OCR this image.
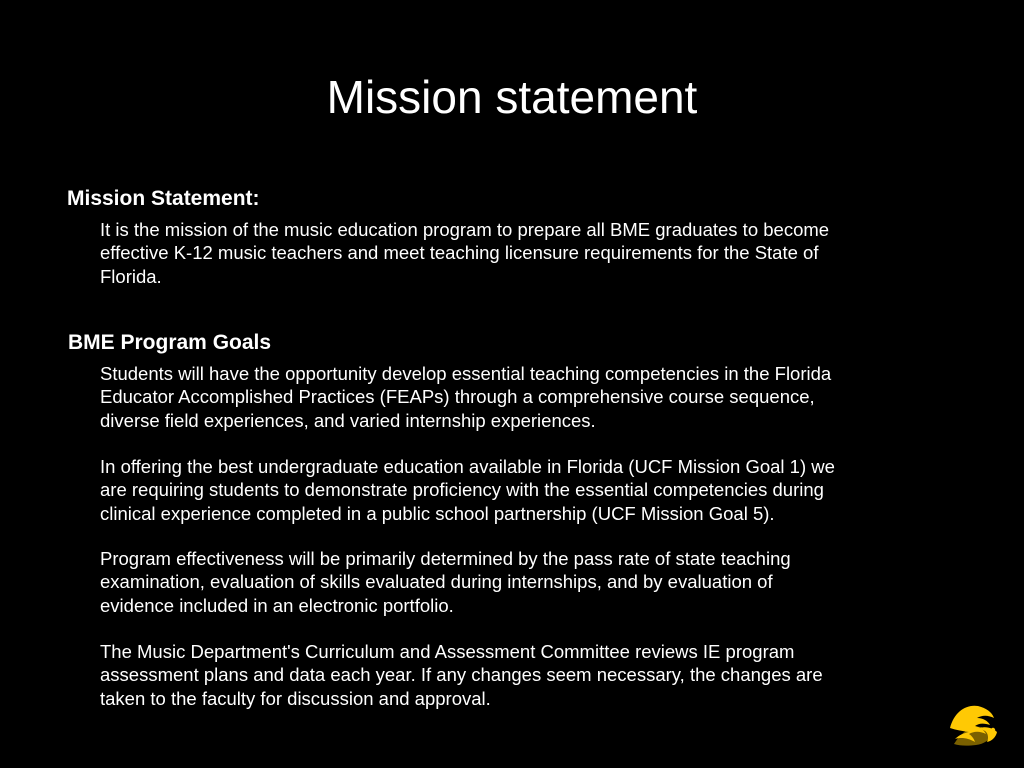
Mission statement
Mission Statement:

It is the mission of the music education program to prepare all BME graduates to become
effective K-12 music teachers and meet teaching licensure requirements for the State of
Florida.

BME Program Goals

Students will have the opportunity develop essential teaching competencies in the Florida
Educator Accomplished Practices (FEAPs) through a comprehensive course sequence,
diverse field experiences, and varied internship experiences.

In offering the best undergraduate education available in Florida (UCF Mission Goal 1) we
are requiring students to demonstrate proficiency with the essential competencies during
clinical experience completed in a public school partnership (UCF Mission Goal 5).

Program effectiveness will be primarily determined by the pass rate of state teaching
examination, evaluation of skills evaluated during internships, and by evaluation of
evidence included in an electronic portfolio.

The Music Department's Curriculum and Assessment Committee reviews IE program
assessment plans and data each year. If any changes seem necessary, the changes are
taken to the faculty for discussion and approval.
